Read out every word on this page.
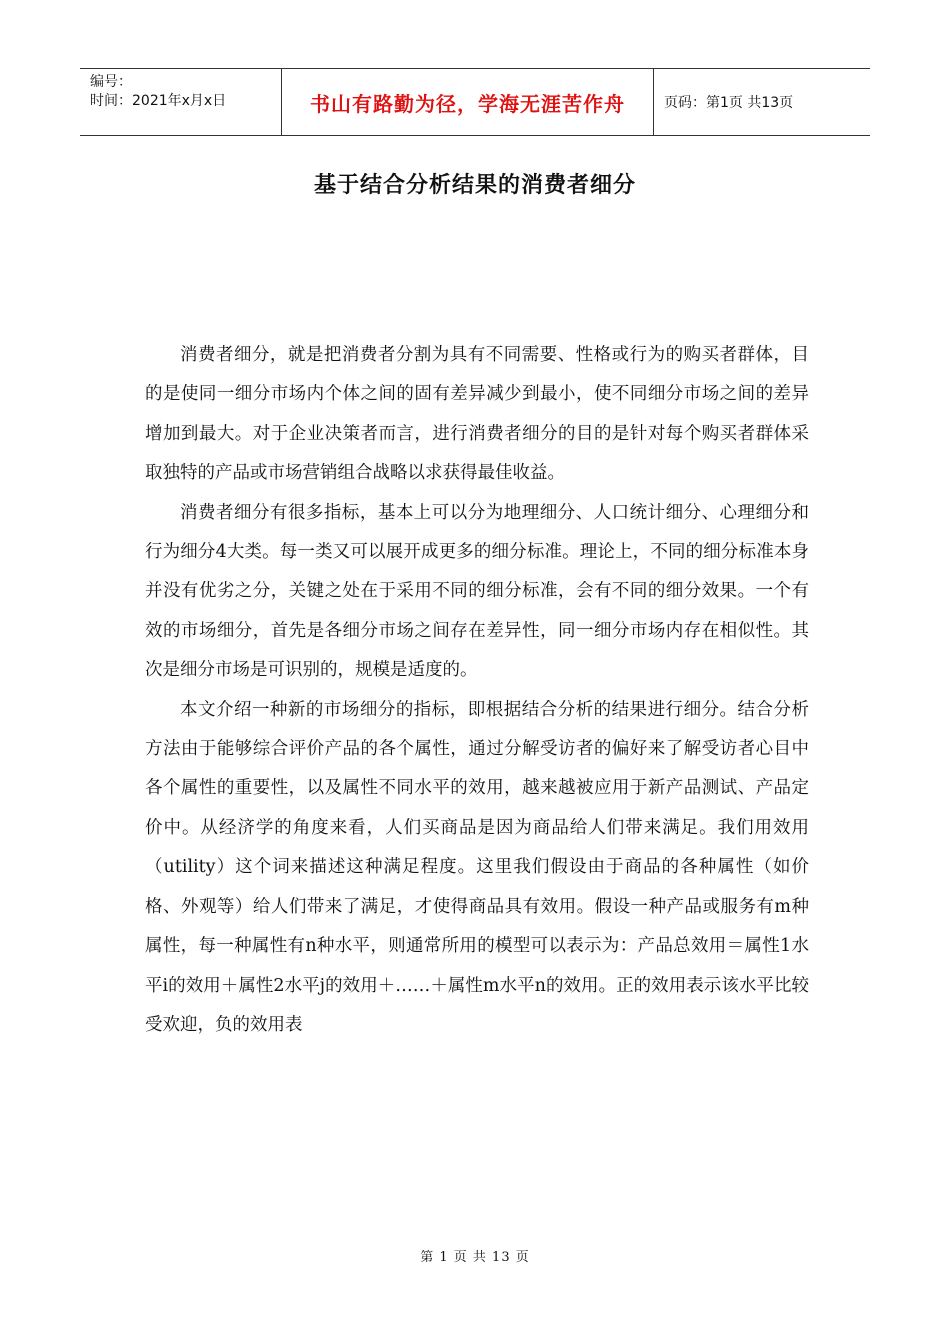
编号：
时间：2021年x月x日	书山有路勤为径，学海无涯苦作舟	页码：第1页 共13页
基于结合分析结果的消费者细分

消费者细分，就是把消费者分割为具有不同需要、性格或行为的购买者群体，目的是使同一细分市场内个体之间的固有差异减少到最小，使不同细分市场之间的差异增加到最大。对于企业决策者而言，进行消费者细分的目的是针对每个购买者群体采取独特的产品或市场营销组合战略以求获得最佳收益。

消费者细分有很多指标，基本上可以分为地理细分、人口统计细分、心理细分和行为细分4大类。每一类又可以展开成更多的细分标准。理论上，不同的细分标准本身并没有优劣之分，关键之处在于采用不同的细分标准，会有不同的细分效果。一个有效的市场细分，首先是各细分市场之间存在差异性，同一细分市场内存在相似性。其次是细分市场是可识别的，规模是适度的。

本文介绍一种新的市场细分的指标，即根据结合分析的结果进行细分。结合分析方法由于能够综合评价产品的各个属性，通过分解受访者的偏好来了解受访者心目中各个属性的重要性，以及属性不同水平的效用，越来越被应用于新产品测试、产品定价中。从经济学的角度来看，人们买商品是因为商品给人们带来满足。我们用效用（utility）这个词来描述这种满足程度。这里我们假设由于商品的各种属性（如价格、外观等）给人们带来了满足，才使得商品具有效用。假设一种产品或服务有m种属性，每一种属性有n种水平，则通常所用的模型可以表示为：产品总效用＝属性1水平i的效用＋属性2水平j的效用＋……＋属性m水平n的效用。正的效用表示该水平比较受欢迎，负的效用表

第 1 页 共 13 页
